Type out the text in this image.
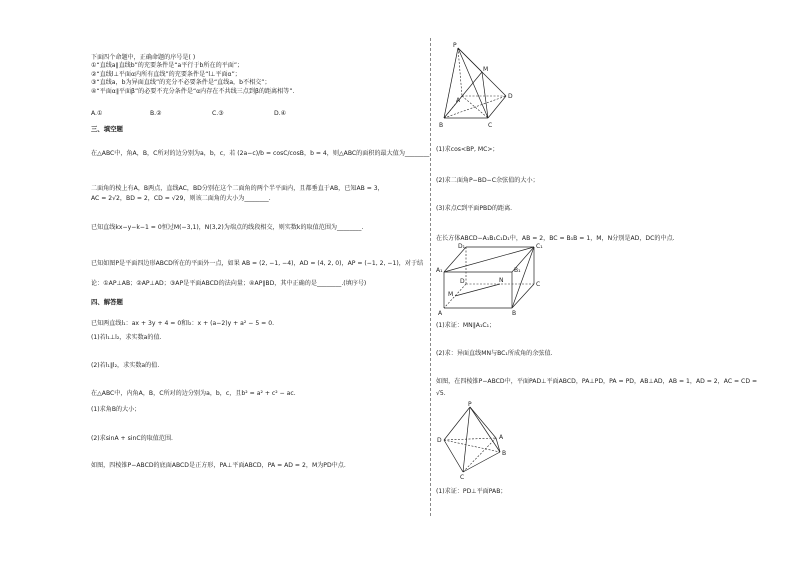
下面四个命题中，正确命题的序号是( )
①“直线a∥直线b”的充要条件是“a平行于b所在的平面”；
②“直线l⊥平面α内所有直线”的充要条件是“l⊥平面α”；
③“直线a，b为异面直线”的充分不必要条件是“直线a，b不相交”；
④“平面α∥平面β”的必要不充分条件是“α内存在不共线三点到β的距离相等”.
A.①	B.②	C.③	D.④
三、填空题
在△ABC中，角A，B，C所对的边分别为a，b，c，若 (2a−c)/b = cosC/cosB，b = 4，则△ABC的面积的最大值为________.
二面角的棱上有A，B两点，直线AC，BD分别在这个二面角的两个半平面内，且都垂直于AB，已知AB = 3，
AC = 2√2，BD = 2，CD = √29，则该二面角的大小为________.
已知直线kx−y−k−1 = 0恒过M(−3,1)，N(3,2)为端点的线段相交，则实数k的取值范围为________.
已知如图P是平面四边形ABCD所在的平面外一点，如果 AB = (2, −1, −4)，AD = (4, 2, 0)，AP = (−1, 2, −1)，对于结
论：①AP⊥AB；②AP⊥AD；③AP是平面ABCD的法向量；④AP∥BD，其中正确的是________.(填序号)
四、解答题
已知两直线l₁：ax + 3y + 4 = 0和l₂：x + (a−2)y + a² − 5 = 0.
(1)若l₁⊥l₂，求实数a的值.
(2)若l₁∥l₂，求实数a的值.
在△ABC中，内角A，B，C所对的边分别为a，b，c，且b² = a² + c² − ac.
(1)求角B的大小；
(2)求sinA + sinC的取值范围.
如图，四棱锥P−ABCD的底面ABCD是正方形，PA⊥平面ABCD，PA = AD = 2，M为PD中点.
P
M
D
A
B	C
(1)求cos<BP, MC>；
(2)求二面角P−BD−C余弦值的大小；
(3)求点C到平面PBD的距离.
在长方体ABCD−A₁B₁C₁D₁中，AB = 2，BC = B₁B = 1，M，N分别是AD，DC的中点.
D₁	C₁
A₁	B₁
D	N
C
M
A	B
(1)求证：MN∥A₁C₁；
(2)求：异面直线MN与BC₁所成角的余弦值.
如图，在四棱锥P−ABCD中，平面PAD⊥平面ABCD，PA⊥PD，PA = PD，AB⊥AD，AB = 1，AD = 2，AC = CD =
√5.
P
A
B
C
D
(1)求证：PD⊥平面PAB；
